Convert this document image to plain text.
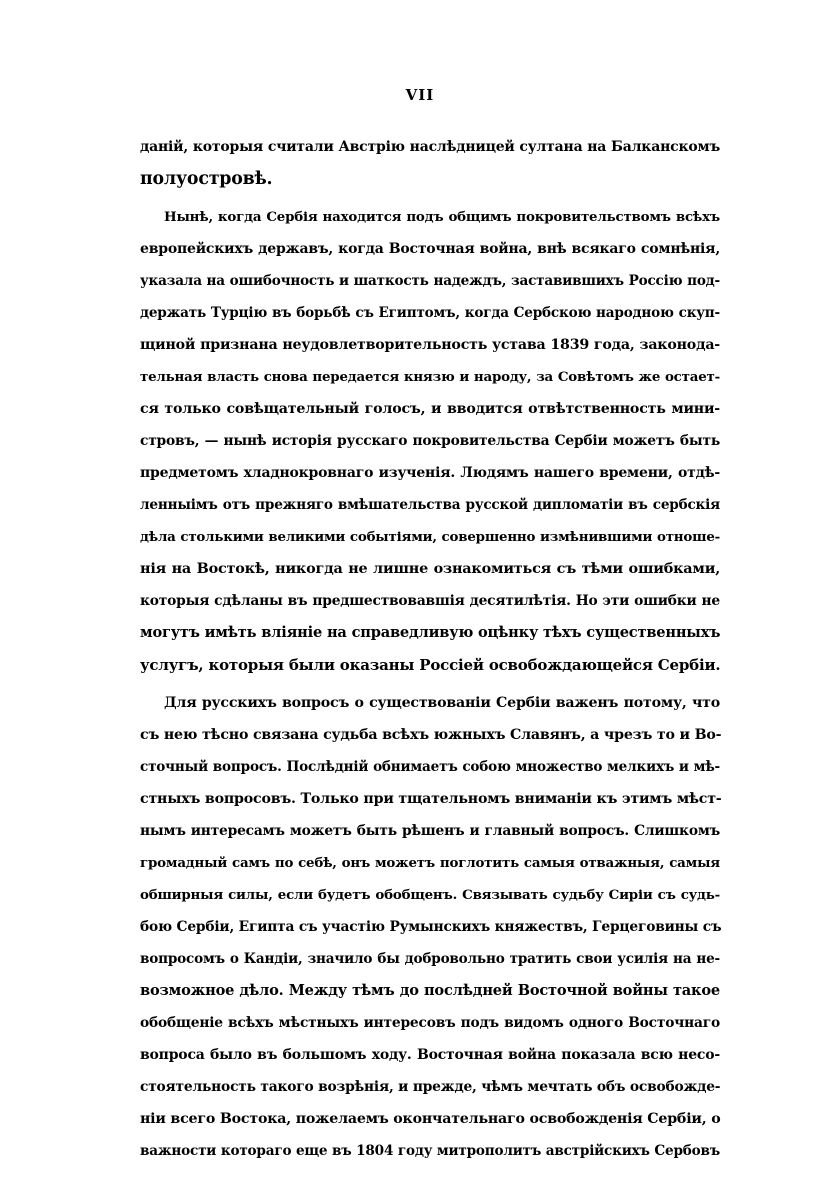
VII
даній, которыя считали Австрію наслѣдницей султана на Балканскомъ
полуостровѣ.
Нынѣ, когда Сербія находится подъ общимъ покровительствомъ всѣхъ
европейскихъ державъ, когда Восточная война, внѣ всякаго сомнѣнія,
указала на ошибочность и шаткость надеждъ, заставившихъ Россію под-
держать Турцію въ борьбѣ съ Египтомъ, когда Сербскою народною скуп-
щиной признана неудовлетворительность устава 1839 года, законода-
тельная власть снова передается князю и народу, за Совѣтомъ же остает-
ся только совѣщательный голосъ, и вводится отвѣтственность мини-
стровъ, — нынѣ исторія русскаго покровительства Сербіи можетъ быть
предметомъ хладнокровнаго изученія. Людямъ нашего времени, отдѣ-
ленныімъ отъ прежняго вмѣшательства русской дипломатіи въ сербскія
дѣла столькими великими событіями, совершенно измѣнившими отноше-
нія на Востокѣ, никогда не лишне ознакомиться съ тѣми ошибками,
которыя сдѣланы въ предшествовавшія десятилѣтія. Но эти ошибки не
могутъ имѣть вліяніе на справедливую оцѣнку тѣхъ существенныхъ
услугъ, которыя были оказаны Россіей освобождающейся Сербіи.
Для русскихъ вопросъ о существованіи Сербіи важенъ потому, что
съ нею тѣсно связана судьба всѣхъ южныхъ Славянъ, а чрезъ то и Во-
сточный вопросъ. Послѣдній обнимаетъ собою множество мелкихъ и мѣ-
стныхъ вопросовъ. Только при тщательномъ вниманіи къ этимъ мѣст-
нымъ интересамъ можетъ быть рѣшенъ и главный вопросъ. Слишкомъ
громадный самъ по себѣ, онъ можетъ поглотить самыя отважныя, самыя
обширныя силы, если будетъ обобщенъ. Связывать судьбу Сиріи съ судь-
бою Сербіи, Египта съ участію Румынскихъ княжествъ, Герцеговины съ
вопросомъ о Кандіи, значило бы добровольно тратить свои усилія на не-
возможное дѣло. Между тѣмъ до послѣдней Восточной войны такое
обобщеніе всѣхъ мѣстныхъ интересовъ подъ видомъ одного Восточнаго
вопроса было въ большомъ ходу. Восточная война показала всю несо-
стоятельность такого возрѣнія, и прежде, чѣмъ мечтать объ освобожде-
ніи всего Востока, пожелаемъ окончательнаго освобожденія Сербіи, о
важности котораго еще въ 1804 году митрополитъ австрійскихъ Сербовъ
